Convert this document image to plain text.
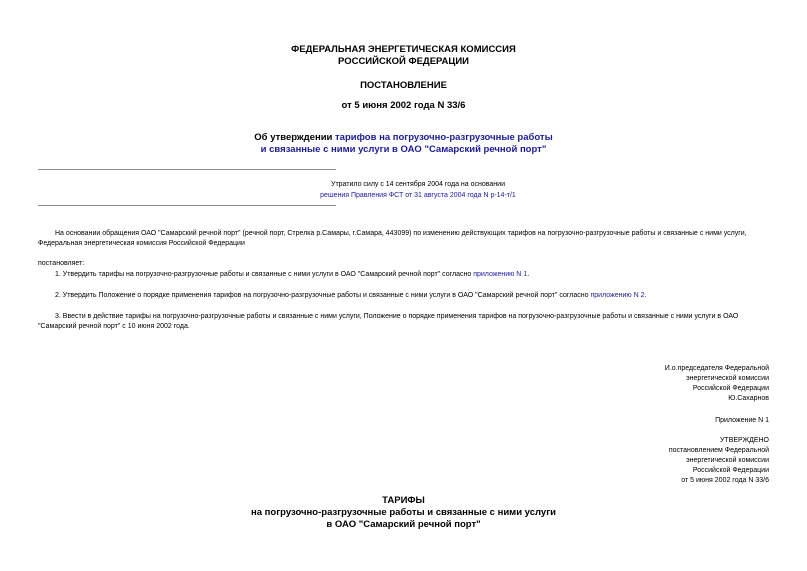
ФЕДЕРАЛЬНАЯ ЭНЕРГЕТИЧЕСКАЯ КОМИССИЯ
РОССИЙСКОЙ ФЕДЕРАЦИИ
ПОСТАНОВЛЕНИЕ
от 5 июня 2002 года N 33/6
Об утверждении тарифов на погрузочно-разгрузочные работы
и связанные с ними услуги в ОАО "Самарский речной порт"
Утратило силу с 14 сентября 2004 года на основании
решения Правления ФСТ от 31 августа 2004 года N р-14-т/1
На основании обращения ОАО "Самарский речной порт" (речной порт, Стрелка р.Самары, г.Самара, 443099) по изменению действующих тарифов на погрузочно-разгрузочные работы и связанные с ними услуги, Федеральная энергетическая комиссия Российской Федерации
постановляет:
1. Утвердить тарифы на погрузочно-разгрузочные работы и связанные с ними услуги в ОАО "Самарский речной порт" согласно приложению N 1.
2. Утвердить Положение о порядке применения тарифов на погрузочно-разгрузочные работы и связанные с ними услуги в ОАО "Самарский речной порт" согласно приложению N 2.
3. Ввести в действие тарифы на погрузочно-разгрузочные работы и связанные с ними услуги, Положение о порядке применения тарифов на погрузочно-разгрузочные работы и связанные с ними услуги в ОАО "Самарский речной порт" с 10 июня 2002 года.
И.о.председателя Федеральной
энергетической комиссии
Российской Федерации
Ю.Сахарнов
Приложение N 1
УТВЕРЖДЕНО
постановлением Федеральной
энергетической комиссии
Российской Федерации
от 5 июня 2002 года N 33/6
ТАРИФЫ
на погрузочно-разгрузочные работы и связанные с ними услуги
в ОАО "Самарский речной порт"
